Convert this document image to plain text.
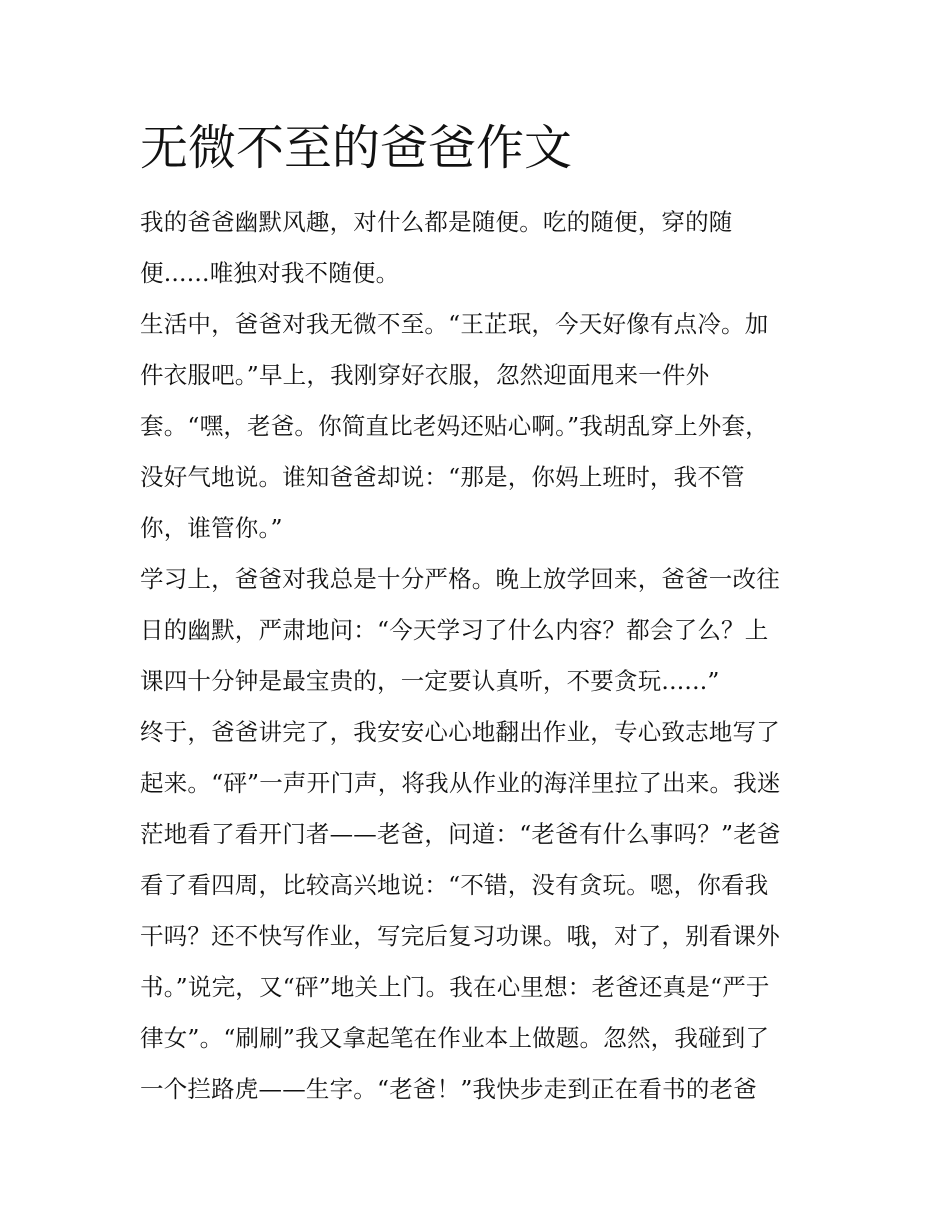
无微不至的爸爸作文
我的爸爸幽默风趣，对什么都是随便。吃的随便，穿的随
便......唯独对我不随便。
生活中，爸爸对我无微不至。“王芷珉，今天好像有点冷。加
件衣服吧。”早上，我刚穿好衣服，忽然迎面甩来一件外
套。“嘿，老爸。你简直比老妈还贴心啊。”我胡乱穿上外套，
没好气地说。谁知爸爸却说：“那是，你妈上班时，我不管
你，谁管你。”
学习上，爸爸对我总是十分严格。晚上放学回来，爸爸一改往
日的幽默，严肃地问：“今天学习了什么内容？都会了么？上
课四十分钟是最宝贵的，一定要认真听，不要贪玩......”
终于，爸爸讲完了，我安安心心地翻出作业，专心致志地写了
起来。“砰”一声开门声，将我从作业的海洋里拉了出来。我迷
茫地看了看开门者——老爸，问道：“老爸有什么事吗？”老爸
看了看四周，比较高兴地说：“不错，没有贪玩。嗯，你看我
干吗？还不快写作业，写完后复习功课。哦，对了，别看课外
书。”说完，又“砰”地关上门。我在心里想：老爸还真是“严于
律女”。“刷刷”我又拿起笔在作业本上做题。忽然，我碰到了
一个拦路虎——生字。“老爸！”我快步走到正在看书的老爸
